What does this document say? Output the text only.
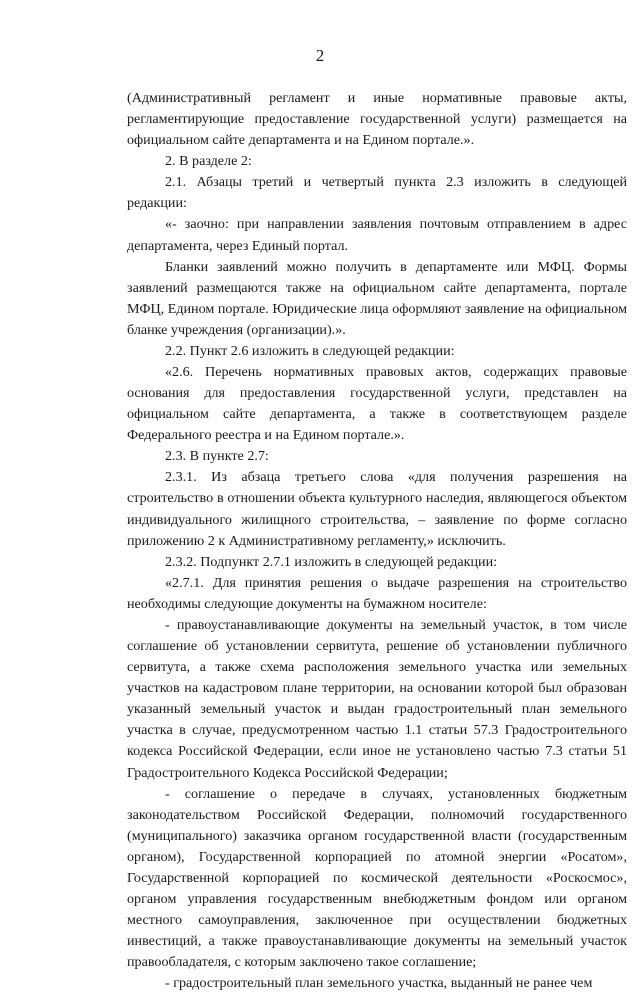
2

(Административный регламент и иные нормативные правовые акты, регламентирующие предоставление государственной услуги) размещается на официальном сайте департамента и на Едином портале.».

2. В разделе 2:

2.1. Абзацы третий и четвертый пункта 2.3 изложить в следующей редакции:

«- заочно: при направлении заявления почтовым отправлением в адрес департамента, через Единый портал.

Бланки заявлений можно получить в департаменте или МФЦ. Формы заявлений размещаются также на официальном сайте департамента, портале МФЦ, Едином портале. Юридические лица оформляют заявление на официальном бланке учреждения (организации).».

2.2. Пункт 2.6 изложить в следующей редакции:

«2.6. Перечень нормативных правовых актов, содержащих правовые основания для предоставления государственной услуги, представлен на официальном сайте департамента, а также в соответствующем разделе Федерального реестра и на Едином портале.».

2.3. В пункте 2.7:

2.3.1. Из абзаца третьего слова «для получения разрешения на строительство в отношении объекта культурного наследия, являющегося объектом индивидуального жилищного строительства, – заявление по форме согласно приложению 2 к Административному регламенту,» исключить.

2.3.2. Подпункт 2.7.1 изложить в следующей редакции:

«2.7.1. Для принятия решения о выдаче разрешения на строительство необходимы следующие документы на бумажном носителе:

- правоустанавливающие документы на земельный участок, в том числе соглашение об установлении сервитута, решение об установлении публичного сервитута, а также схема расположения земельного участка или земельных участков на кадастровом плане территории, на основании которой был образован указанный земельный участок и выдан градостроительный план земельного участка в случае, предусмотренном частью 1.1 статьи 57.3 Градостроительного кодекса Российской Федерации, если иное не установлено частью 7.3 статьи 51 Градостроительного Кодекса Российской Федерации;

- соглашение о передаче в случаях, установленных бюджетным законодательством Российской Федерации, полномочий государственного (муниципального) заказчика органом государственной власти (государственным органом), Государственной корпорацией по атомной энергии «Росатом», Государственной корпорацией по космической деятельности «Роскосмос», органом управления государственным внебюджетным фондом или органом местного самоуправления, заключенное при осуществлении бюджетных инвестиций, а также правоустанавливающие документы на земельный участок правообладателя, с которым заключено такое соглашение;

- градостроительный план земельного участка, выданный не ранее чем
